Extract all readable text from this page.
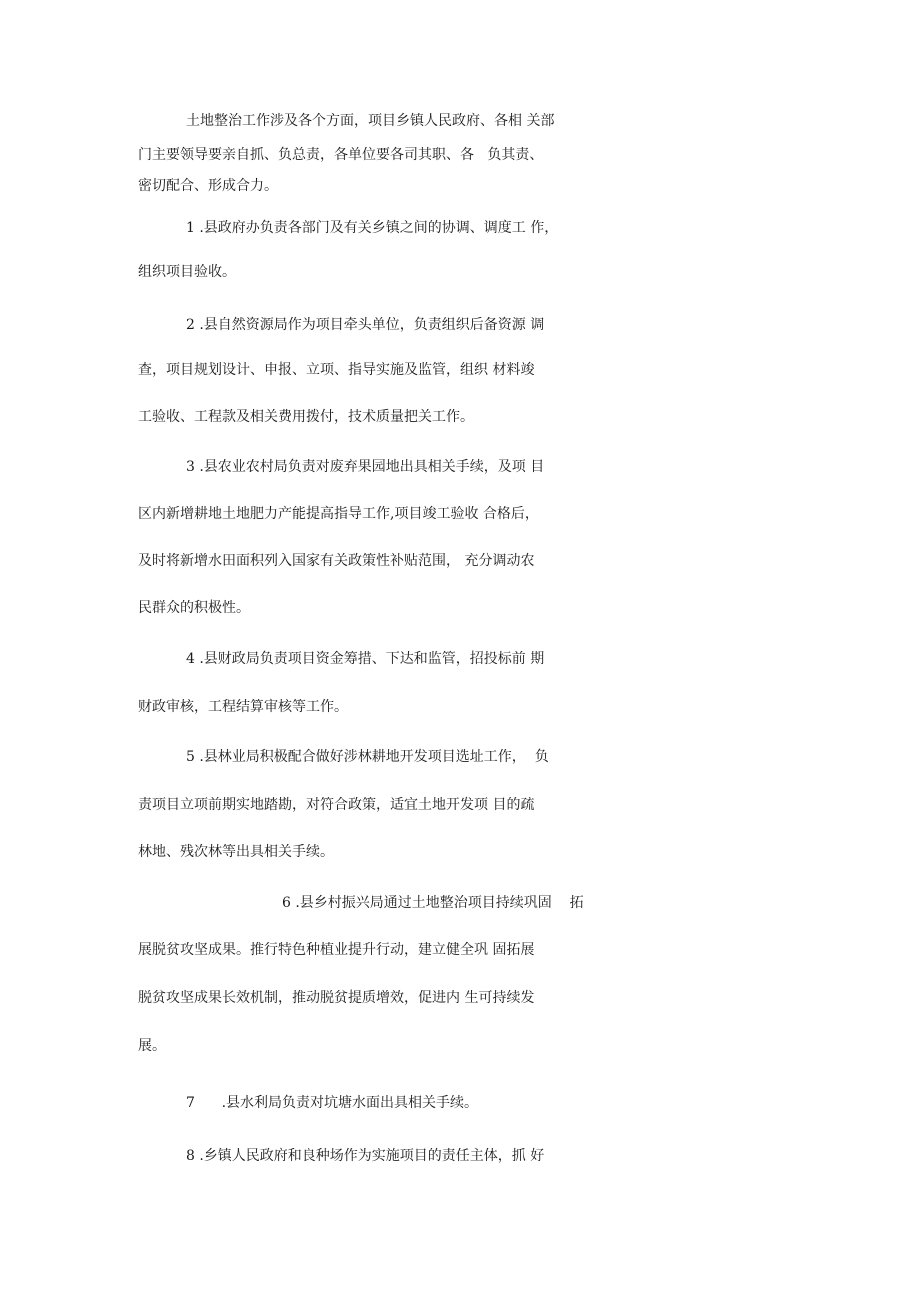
土地整治工作涉及各个方面，项目乡镇人民政府、各相 关部
门主要领导要亲自抓、负总责，各单位要各司其职、各   负其责、
密切配合、形成合力。
1 .县政府办负责各部门及有关乡镇之间的协调、调度工 作，
组织项目验收。
2 .县自然资源局作为项目牵头单位，负责组织后备资源 调
查，项目规划设计、申报、立项、指导实施及监管，组织 材料竣
工验收、工程款及相关费用拨付，技术质量把关工作。
3 .县农业农村局负责对废弃果园地出具相关手续，及项 目
区内新增耕地土地肥力产能提高指导工作,项目竣工验收 合格后，
及时将新增水田面积列入国家有关政策性补贴范围， 充分调动农
民群众的积极性。
4 .县财政局负责项目资金筹措、下达和监管，招投标前 期
财政审核，工程结算审核等工作。
5 .县林业局积极配合做好涉林耕地开发项目选址工作，  负
责项目立项前期实地踏勘，对符合政策，适宜土地开发项 目的疏
林地、残次林等出具相关手续。
6 .县乡村振兴局通过土地整治项目持续巩固    拓
展脱贫攻坚成果。推行特色种植业提升行动，建立健全巩 固拓展
脱贫攻坚成果长效机制，推动脱贫提质增效，促进内 生可持续发
展。
7      .县水利局负责对坑塘水面出具相关手续。
8 .乡镇人民政府和良种场作为实施项目的责任主体，抓 好
